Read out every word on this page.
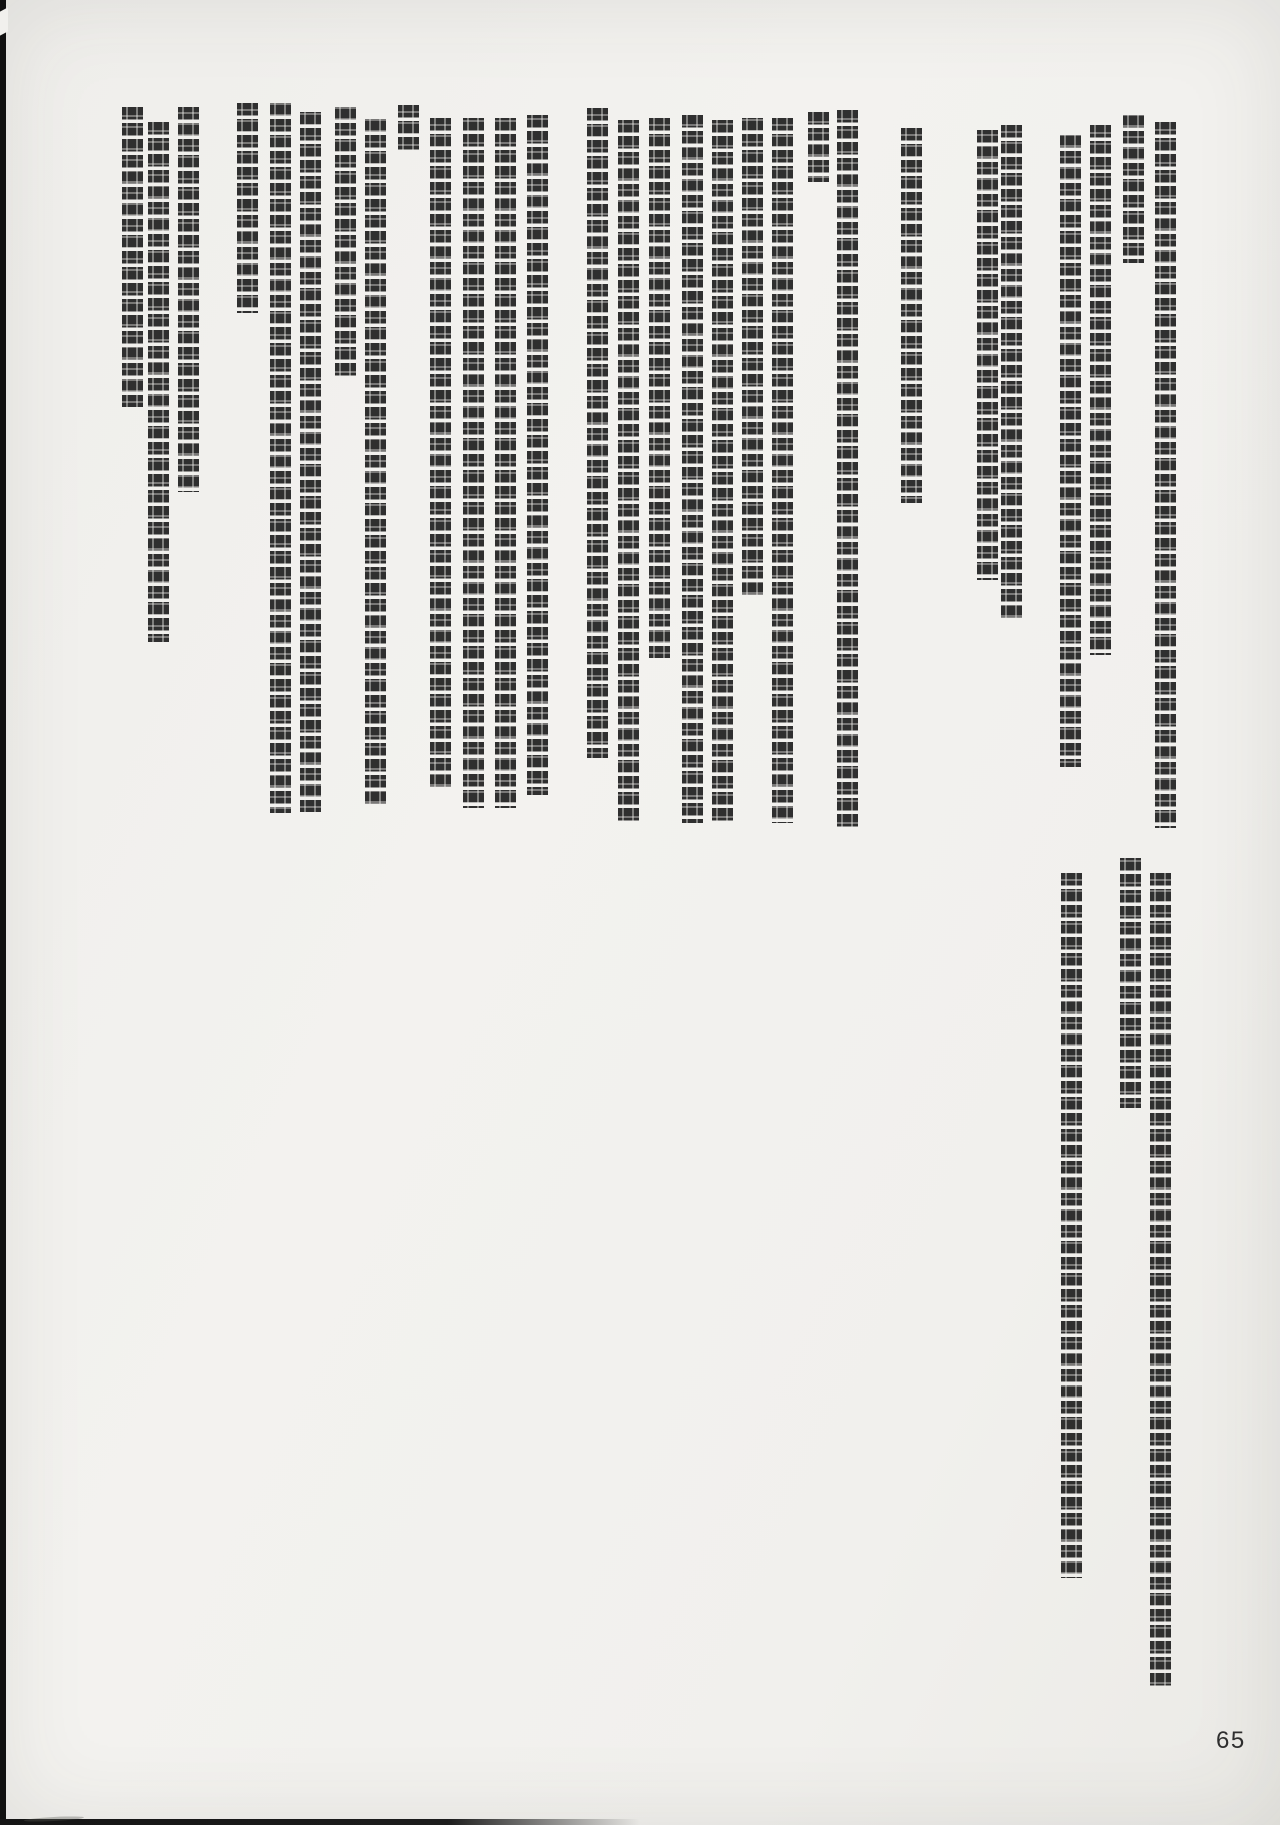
65
